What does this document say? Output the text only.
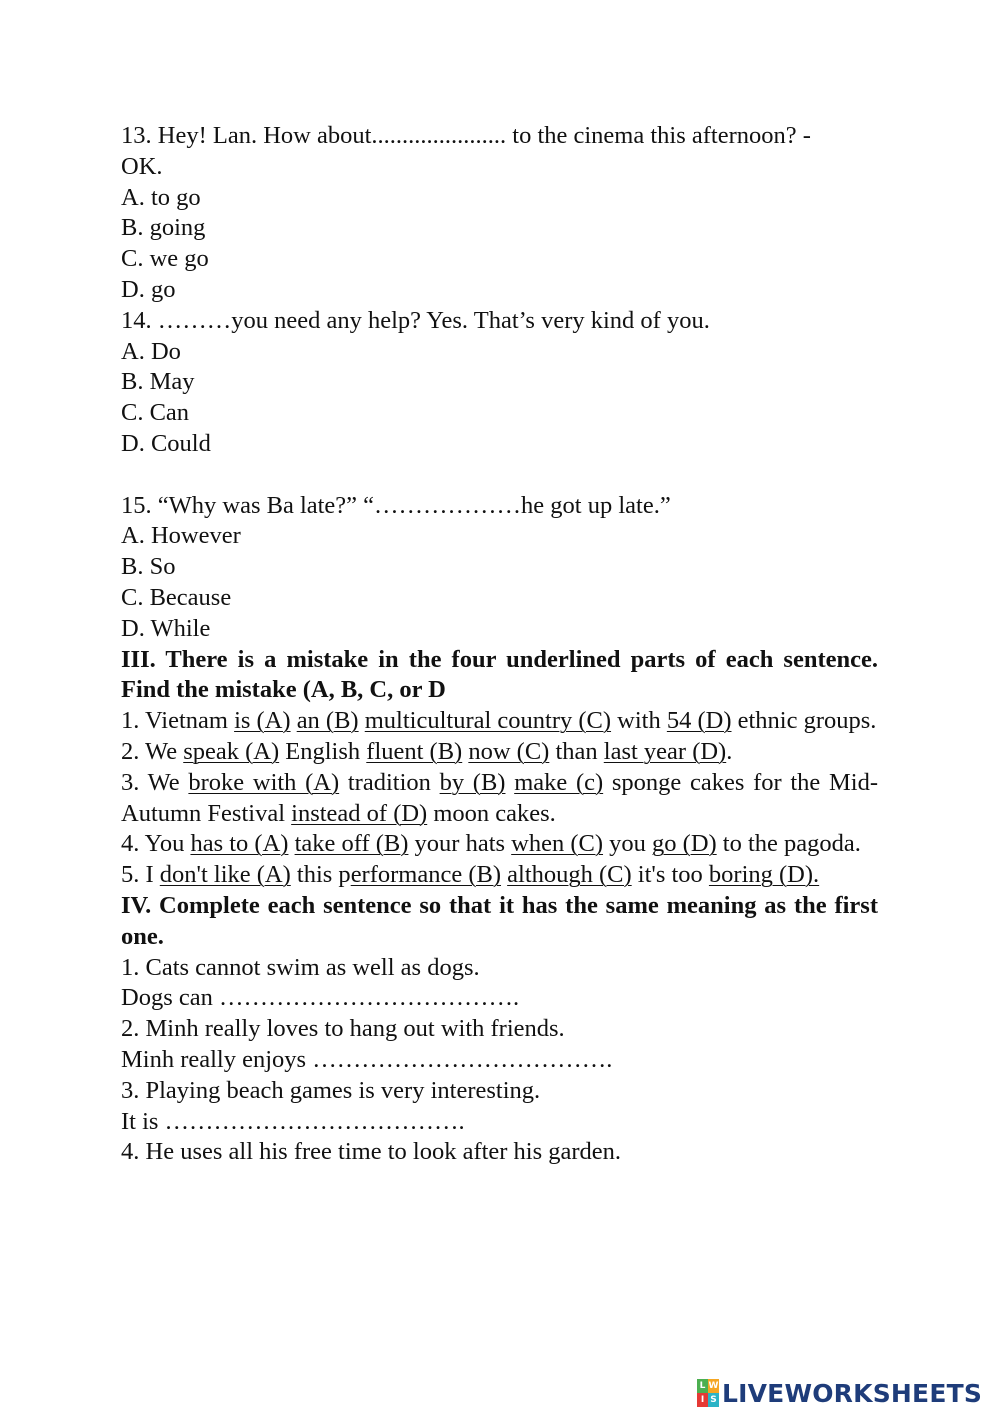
13. Hey! Lan. How about...................... to the cinema this afternoon? -
OK.
A. to go
B. going
C. we go
D. go
14. ………you need any help? Yes. That’s very kind of you.
A. Do
B. May
C. Can
D. Could
15. “Why was Ba late?” “………………he got up late.”
A. However
B. So
C. Because
D. While
III. There is a mistake in the four underlined parts of each sentence. Find the mistake (A, B, C, or D
1. Vietnam is (A) an (B) multicultural country (C) with 54 (D) ethnic groups.
2. We speak (A) English fluent (B) now (C) than last year (D).
3. We broke with (A) tradition by (B) make (c) sponge cakes for the Mid-Autumn Festival instead of (D) moon cakes.
4. You has to (A) take off (B) your hats when (C) you go (D) to the pagoda.
5. I don't like (A) this performance (B) although (C) it's too boring (D).
IV. Complete each sentence so that it has the same meaning as the first one.
1. Cats cannot swim as well as dogs.
Dogs can ……………………………….
2. Minh really loves to hang out with friends.
Minh really enjoys ……………………………….
3. Playing beach games is very interesting.
It is ……………………………….
4. He uses all his free time to look after his garden.
L W
I S LIVEWORKSHEETS
